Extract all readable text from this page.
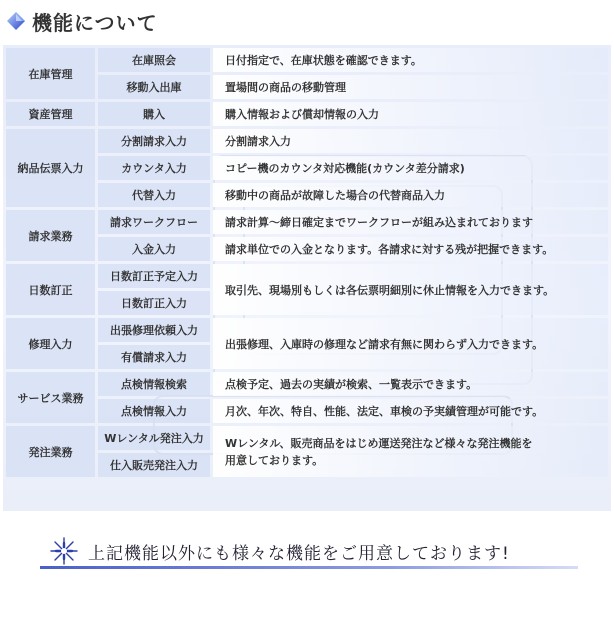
機能について
在庫管理	在庫照会	日付指定で、在庫状態を確認できます。
	移動入出庫	置場間の商品の移動管理
資産管理	購入	購入情報および償却情報の入力
納品伝票入力	分割請求入力	分割請求入力
	カウンタ入力	コピー機のカウンタ対応機能(カウンタ差分請求)
	代替入力	移動中の商品が故障した場合の代替商品入力
請求業務	請求ワークフロー	請求計算～締日確定までワークフローが組み込まれております
	入金入力	請求単位での入金となります。各請求に対する残が把握できます。
日数訂正	日数訂正予定入力	取引先、現場別もしくは各伝票明細別に休止情報を入力できます。
	日数訂正入力	
修理入力	出張修理依頼入力	出張修理、入庫時の修理など請求有無に関わらず入力できます。
	有償請求入力	
サービス業務	点検情報検索	点検予定、過去の実績が検索、一覧表示できます。
	点検情報入力	月次、年次、特自、性能、法定、車検の予実績管理が可能です。
発注業務	Wレンタル発注入力	Wレンタル、販売商品をはじめ運送発注など様々な発注機能を
用意しております。
	仕入販売発注入力	
上記機能以外にも様々な機能をご用意しております!
